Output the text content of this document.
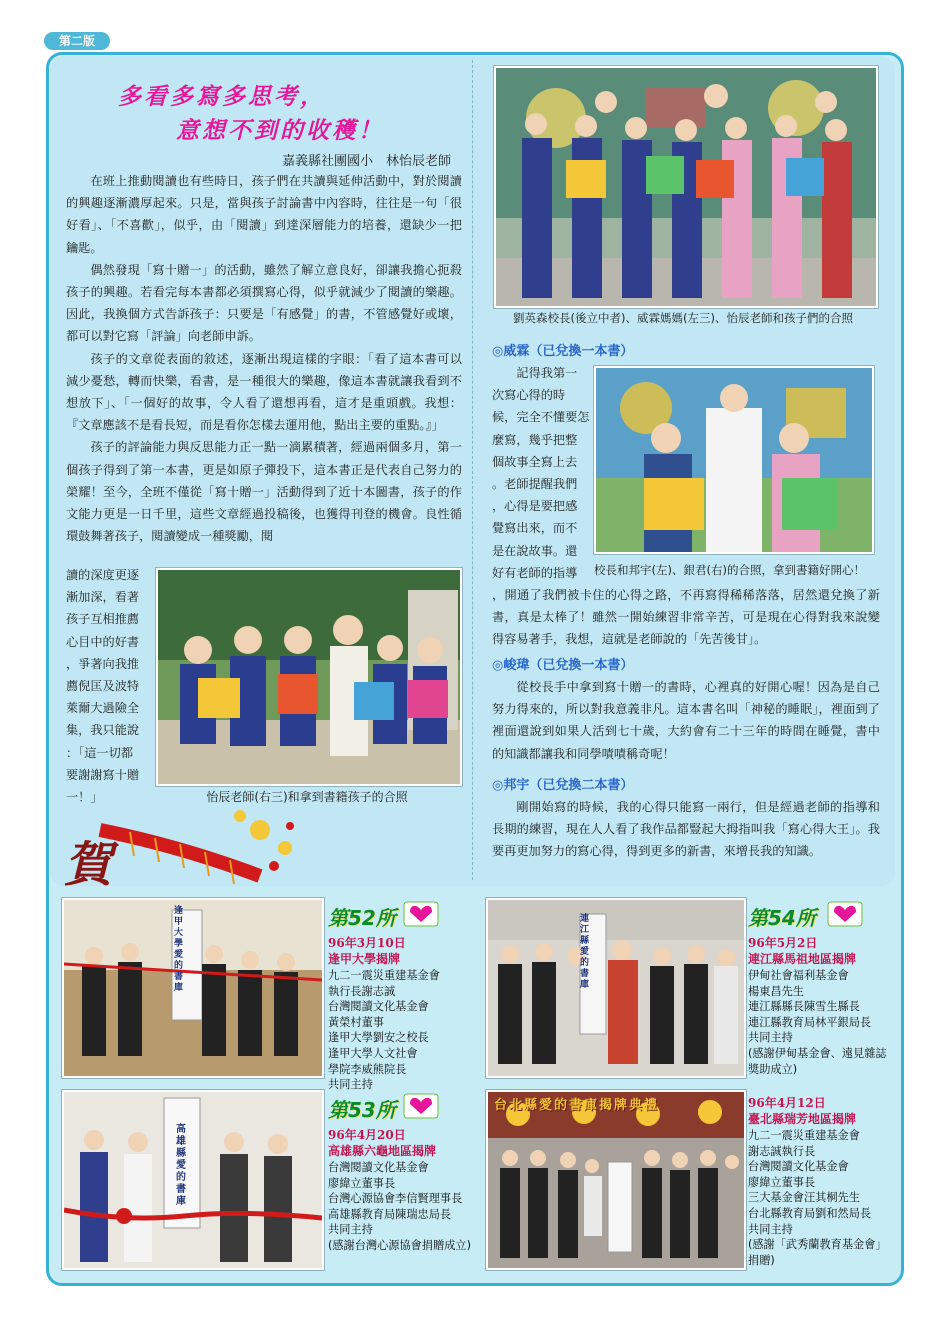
第二版
多看多寫多思考，
意想不到的收穫！
嘉義縣社團國小　林怡辰老師

在班上推動閱讀也有些時日，孩子們在共讀與延伸活動中，對於閱讀的興趣逐漸濃厚起來。只是，當與孩子討論書中內容時，往往是一句「很好看」、「不喜歡」，似乎，由「閱讀」到達深層能力的培養，還缺少一把鑰匙。

偶然發現「寫十贈一」的活動，雖然了解立意良好，卻讓我擔心扼殺孩子的興趣。若看完每本書都必須撰寫心得，似乎就減少了閱讀的樂趣。因此，我換個方式告訴孩子：只要是「有感覺」的書，不管感覺好或壞，都可以對它寫「評論」向老師申訴。

孩子的文章從表面的敘述，逐漸出現這樣的字眼：「看了這本書可以減少憂愁，轉而快樂，看書，是一種很大的樂趣，像這本書就讓我看到不想放下」、「一個好的故事，令人看了還想再看，這才是重頭戲。我想：『文章應該不是看長短，而是看你怎樣去運用他，點出主要的重點。』」

孩子的評論能力與反思能力正一點一滴累積著，經過兩個多月，第一個孩子得到了第一本書，更是如原子彈投下，這本書正是代表自己努力的榮耀！至今，全班不僅從「寫十贈一」活動得到了近十本圖書，孩子的作文能力更是一日千里，這些文章經過投稿後，也獲得刊登的機會。良性循環鼓舞著孩子，閱讀變成一種獎勵，閱

讀的深度更逐
漸加深，看著
孩子互相推薦
心目中的好書
，爭著向我推
薦倪匡及波特
萊爾大過險全
集，我只能說
：「這一切都
要謝謝寫十贈
一！」	怡辰老師(右三)和拿到書籍孩子的合照
劉英森校長(後立中者)、威霖媽媽(左三)、怡辰老師和孩子們的合照
◎威霖（已兌換一本書）
記得我第一
次寫心得的時
候，完全不懂要怎
麼寫，幾乎把整
個故事全寫上去
。老師提醒我們
，心得是要把感
覺寫出來，而不
是在說故事。還
好有老師的指導	校長和邦宇(左)、銀君(右)的合照，拿到書籍好開心！
，開通了我們被卡住的心得之路，不再寫得稀稀落落，居然還兌換了新書，真是太棒了！雖然一開始練習非常辛苦，可是現在心得對我來說變得容易著手，我想，這就是老師說的「先苦後甘」。
◎峻瑋（已兌換一本書）

從校長手中拿到寫十贈一的書時，心裡真的好開心喔！因為是自己努力得來的，所以對我意義非凡。這本書名叫「神秘的睡眠」，裡面到了裡面還說到如果人活到七十歲，大約會有二十三年的時間在睡覺，書中的知識都讓我和同學嘖嘖稱奇呢！

◎邦宇（已兌換二本書）

剛開始寫的時候，我的心得只能寫一兩行，但是經過老師的指導和長期的練習，現在人人看了我作品都豎起大拇指叫我「寫心得大王」。我要再更加努力的寫心得，得到更多的新書，來增長我的知識。

賀
逢甲大學愛的書庫
第52所
96年3月10日
逢甲大學揭牌
九二一震災重建基金會
執行長謝志誠
台灣閱讀文化基金會
黃榮村董事
逢甲大學劉安之校長
逢甲大學人文社會
學院李威熊院長
共同主持
連江縣愛的書庫
第54所
96年5月2日
連江縣馬祖地區揭牌
伊甸社會福利基金會
楊東昌先生
連江縣縣長陳雪生縣長
連江縣教育局林平銀局長
共同主持
(感謝伊甸基金會、遠見雜誌
獎助成立)
高雄縣愛的書庫
第53所
96年4月20日
高雄縣六龜地區揭牌
台灣閱讀文化基金會
廖緯立董事長
台灣心源協會李信賢理事長
高雄縣教育局陳瑞忠局長
共同主持
(感謝台灣心源協會捐贈成立)
台北縣愛的書庫揭牌典禮	96年4月12日
臺北縣瑞芳地區揭牌
九二一震災重建基金會
謝志誠執行長
台灣閱讀文化基金會
廖緯立董事長
三大基金會汪其桐先生
台北縣教育局劉和然局長
共同主持
(感謝「武秀蘭教育基金會」
捐贈)
